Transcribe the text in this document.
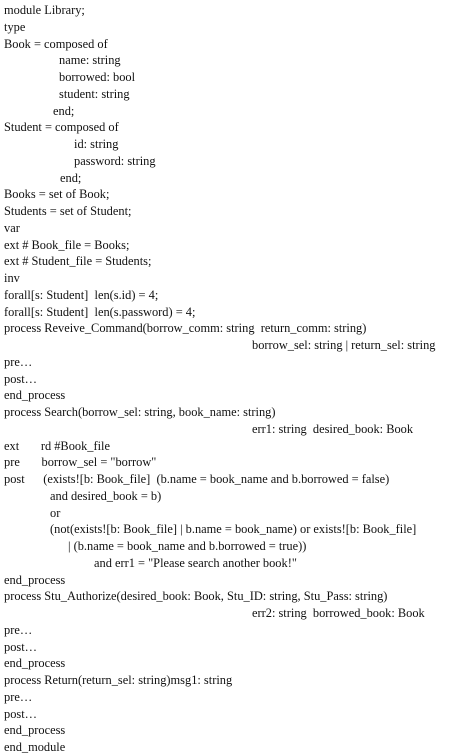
module Library;
type
Book = composed of
name: string
borrowed: bool
student: string
end;
Student = composed of
id: string
password: string
end;
Books = set of Book;
Students = set of Student;
var
ext # Book_file = Books;
ext # Student_file = Students;
inv
forall[s: Student]  len(s.id) = 4;
forall[s: Student]  len(s.password) = 4;
process Reveive_Command(borrow_comm: string  return_comm: string)
borrow_sel: string | return_sel: string
pre…
post…
end_process
process Search(borrow_sel: string, book_name: string)
err1: string  desired_book: Book
ext       rd #Book_file
pre       borrow_sel = "borrow"
post      (exists![b: Book_file]  (b.name = book_name and b.borrowed = false)
and desired_book = b)
or
(not(exists![b: Book_file] | b.name = book_name) or exists![b: Book_file]
| (b.name = book_name and b.borrowed = true))
and err1 = "Please search another book!"
end_process
process Stu_Authorize(desired_book: Book, Stu_ID: string, Stu_Pass: string)
err2: string  borrowed_book: Book
pre…
post…
end_process
process Return(return_sel: string)msg1: string
pre…
post…
end_process
end_module
